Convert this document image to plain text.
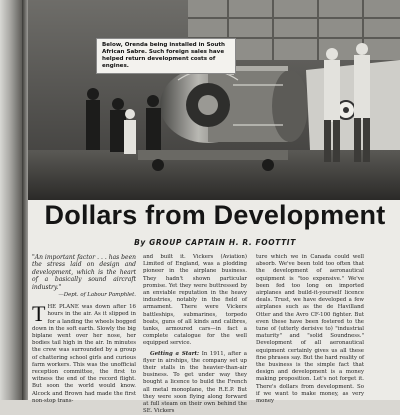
Below, Orenda being installed in South African Sabre. Such foreign sales have helped return development costs of engines.
Dollars from Development
By GROUP CAPTAIN H. R. FOOTTIT

"An important factor . . . has been the stress laid on design and development, which is the heart of a basically sound aircraft industry."

—Dept. of Labour Pamphlet.

THE PLANE was down after 16 hours in the air. As it slipped in for a landing the wheels bogged down in the soft earth. Slowly the big biplane went over her nose, her bodies tail high in the air. In minutes the crew was surrounded by a group of chattering school girls and curious farm workers. This was the unofficial reception committee, the first to witness the end of the record flight. But soon the world would know. Alcock and Brown had made the first non-stop trans-

and built it. Vickers (Aviation) Limited of England, was a plodding pioneer in the airplane business. They hadn't shown particular promise. Yet they were buttressed by an enviable reputation in the heavy industries, notably in the field of armament. There were Vickers battleships, submarines, torpedo boats, guns of all kinds and calibres, tanks, armoured cars—in fact a complete catalogue for the well equipped service.

Getting a Start: In 1911, after a flyer in airships, the company set up their stalls in the heavier-than-air business. To get under way they bought a licence to build the French all metal monoplane, the R.E.P. But they were soon flying along forward at full steam on their own behind the SE. Vickers

ture which we in Canada could well absorb. We've been told too often that the development of aeronautical equipment is "too expensive." We've been fed too long on imported airplanes and build-it-yourself licence deals. Trust, we have developed a few airplanes such as the de Havilland Otter and the Avro CF-100 fighter. But even these have been fostered to the tune of (utterly derisive to) "industrial maturity" and "solid Soundness." Development of all aeronautical equipment certainly gives us all these fine phrases say. But the hard reality of the business is the simple fact that design and development is a money making proposition. Let's not forget it. There's dollars from development. So if we want to make money, as very money
